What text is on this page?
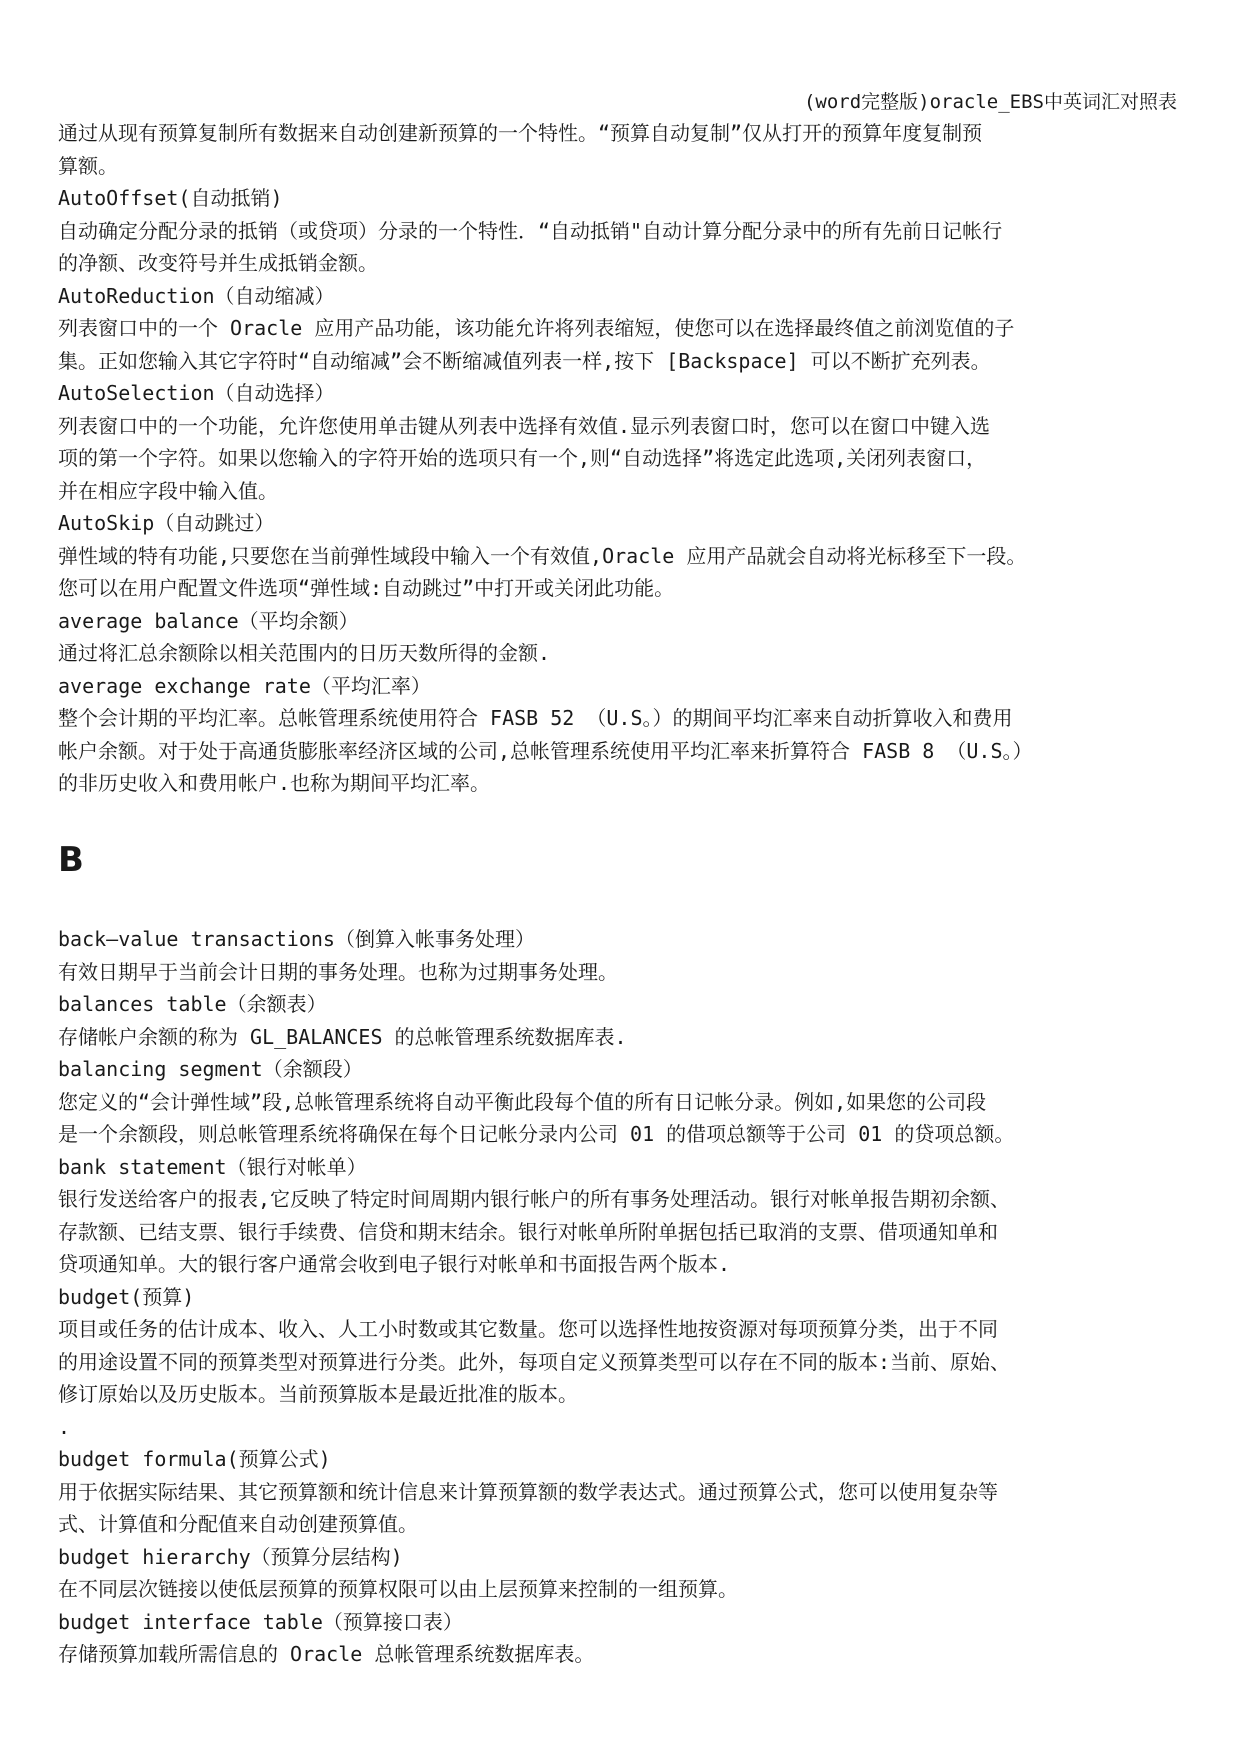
(word完整版)oracle_EBS中英词汇对照表
通过从现有预算复制所有数据来自动创建新预算的一个特性。“预算自动复制”仅从打开的预算年度复制预
算额。
AutoOffset(自动抵销)
自动确定分配分录的抵销（或贷项）分录的一个特性．“自动抵销"自动计算分配分录中的所有先前日记帐行
的净额、改变符号并生成抵销金额。
AutoReduction（自动缩减）
列表窗口中的一个 Oracle 应用产品功能，该功能允许将列表缩短，使您可以在选择最终值之前浏览值的子
集。正如您输入其它字符时“自动缩减”会不断缩减值列表一样,按下 [Backspace] 可以不断扩充列表。
AutoSelection（自动选择）
列表窗口中的一个功能，允许您使用单击键从列表中选择有效值.显示列表窗口时，您可以在窗口中键入选
项的第一个字符。如果以您输入的字符开始的选项只有一个,则“自动选择”将选定此选项,关闭列表窗口，
并在相应字段中输入值。
AutoSkip（自动跳过）
弹性域的特有功能,只要您在当前弹性域段中输入一个有效值,Oracle 应用产品就会自动将光标移至下一段。
您可以在用户配置文件选项“弹性域:自动跳过”中打开或关闭此功能。
average balance（平均余额）
通过将汇总余额除以相关范围内的日历天数所得的金额.
average exchange rate（平均汇率）
整个会计期的平均汇率。总帐管理系统使用符合 FASB 52 （U.S。）的期间平均汇率来自动折算收入和费用
帐户余额。对于处于高通货膨胀率经济区域的公司,总帐管理系统使用平均汇率来折算符合 FASB 8 （U.S。）
的非历史收入和费用帐户.也称为期间平均汇率。
B
back—value transactions（倒算入帐事务处理）
有效日期早于当前会计日期的事务处理。也称为过期事务处理。
balances table（余额表）
存储帐户余额的称为 GL_BALANCES 的总帐管理系统数据库表.
balancing segment（余额段）
您定义的“会计弹性域”段,总帐管理系统将自动平衡此段每个值的所有日记帐分录。例如,如果您的公司段
是一个余额段，则总帐管理系统将确保在每个日记帐分录内公司 01 的借项总额等于公司 01 的贷项总额。
bank statement（银行对帐单）
银行发送给客户的报表,它反映了特定时间周期内银行帐户的所有事务处理活动。银行对帐单报告期初余额、
存款额、已结支票、银行手续费、信贷和期末结余。银行对帐单所附单据包括已取消的支票、借项通知单和
贷项通知单。大的银行客户通常会收到电子银行对帐单和书面报告两个版本.
budget(预算)
项目或任务的估计成本、收入、人工小时数或其它数量。您可以选择性地按资源对每项预算分类，出于不同
的用途设置不同的预算类型对预算进行分类。此外，每项自定义预算类型可以存在不同的版本:当前、原始、
修订原始以及历史版本。当前预算版本是最近批准的版本。
.
budget formula(预算公式)
用于依据实际结果、其它预算额和统计信息来计算预算额的数学表达式。通过预算公式，您可以使用复杂等
式、计算值和分配值来自动创建预算值。
budget hierarchy（预算分层结构)
在不同层次链接以使低层预算的预算权限可以由上层预算来控制的一组预算。
budget interface table（预算接口表）
存储预算加载所需信息的 Oracle 总帐管理系统数据库表。
